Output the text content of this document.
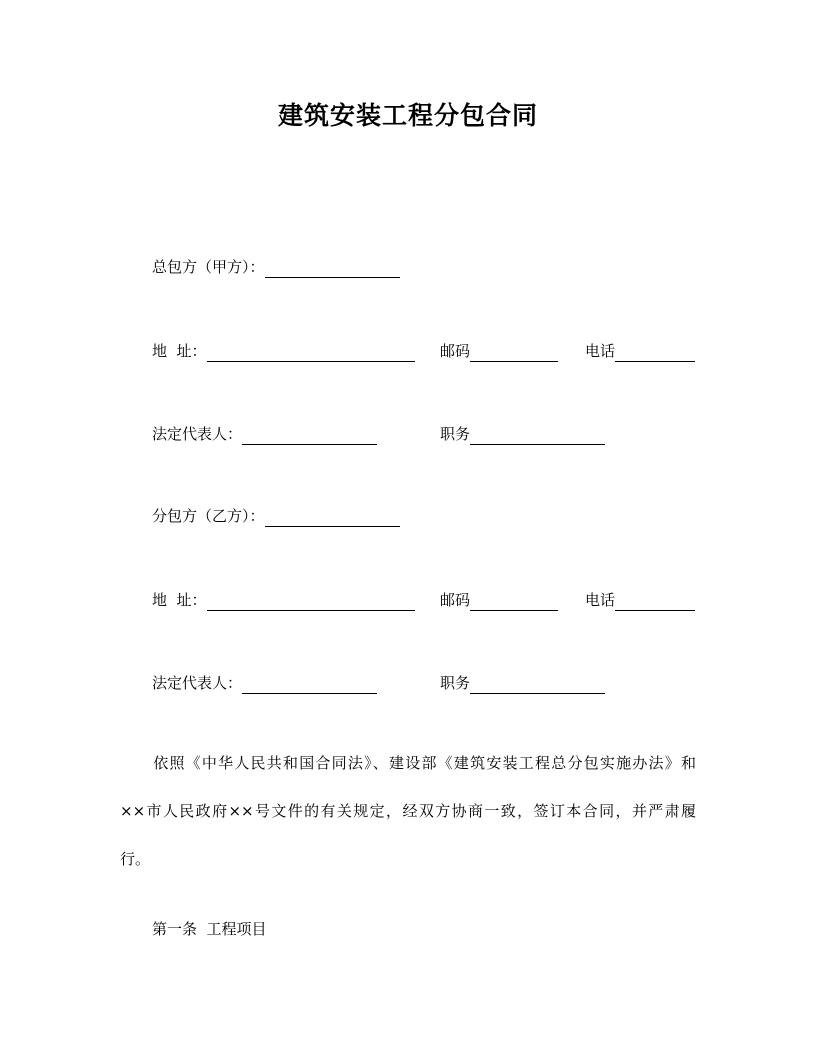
建筑安装工程分包合同
总包方（甲方）：
地  址：	邮码	电话
法定代表人：	职务
分包方（乙方）：
地  址：	邮码	电话
法定代表人：	职务
依照《中华人民共和国合同法》、建设部《建筑安装工程总分包实施办法》和
××市人民政府××号文件的有关规定，经双方协商一致，签订本合同，并严肃履
行。
第一条  工程项目
